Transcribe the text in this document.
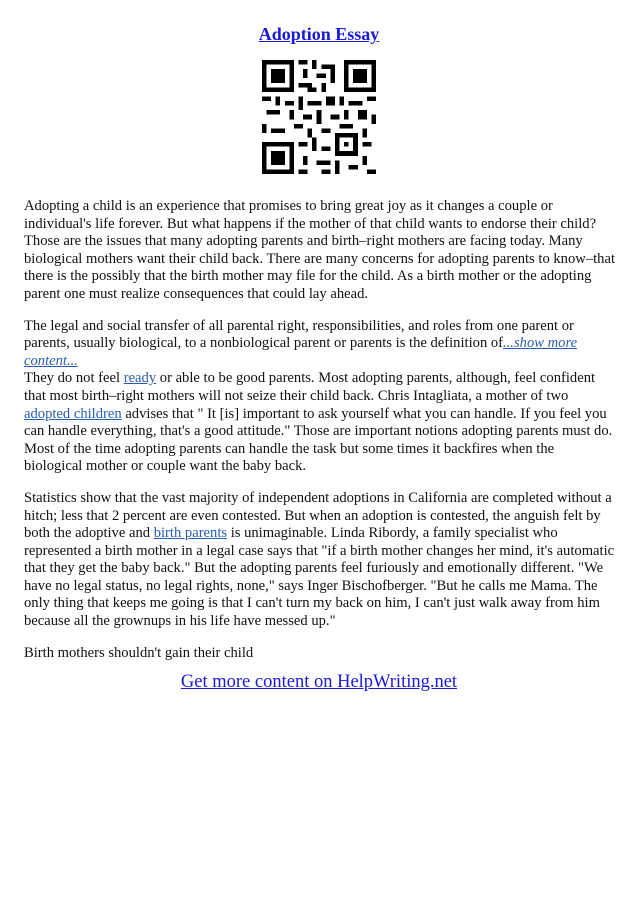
Adoption Essay

Adopting a child is an experience that promises to bring great joy as it changes a couple or individual's life forever. But what happens if the mother of that child wants to endorse their child? Those are the issues that many adopting parents and birth–right mothers are facing today. Many biological mothers want their child back. There are many concerns for adopting parents to know–that there is the possibly that the birth mother may file for the child. As a birth mother or the adopting parent one must realize consequences that could lay ahead.

The legal and social transfer of all parental right, responsibilities, and roles from one parent or parents, usually biological, to a nonbiological parent or parents is the definition of...show more content...

They do not feel ready or able to be good parents. Most adopting parents, although, feel confident that most birth–right mothers will not seize their child back. Chris Intagliata, a mother of two adopted children advises that " It [is] important to ask yourself what you can handle. If you feel you can handle everything, that's a good attitude." Those are important notions adopting parents must do. Most of the time adopting parents can handle the task but some times it backfires when the biological mother or couple want the baby back.

Statistics show that the vast majority of independent adoptions in California are completed without a hitch; less that 2 percent are even contested. But when an adoption is contested, the anguish felt by both the adoptive and birth parents is unimaginable. Linda Ribordy, a family specialist who represented a birth mother in a legal case says that "if a birth mother changes her mind, it's automatic that they get the baby back." But the adopting parents feel furiously and emotionally different. "We have no legal status, no legal rights, none," says Inger Bischofberger. "But he calls me Mama. The only thing that keeps me going is that I can't turn my back on him, I can't just walk away from him because all the grownups in his life have messed up."

Birth mothers shouldn't gain their child

Get more content on HelpWriting.net
